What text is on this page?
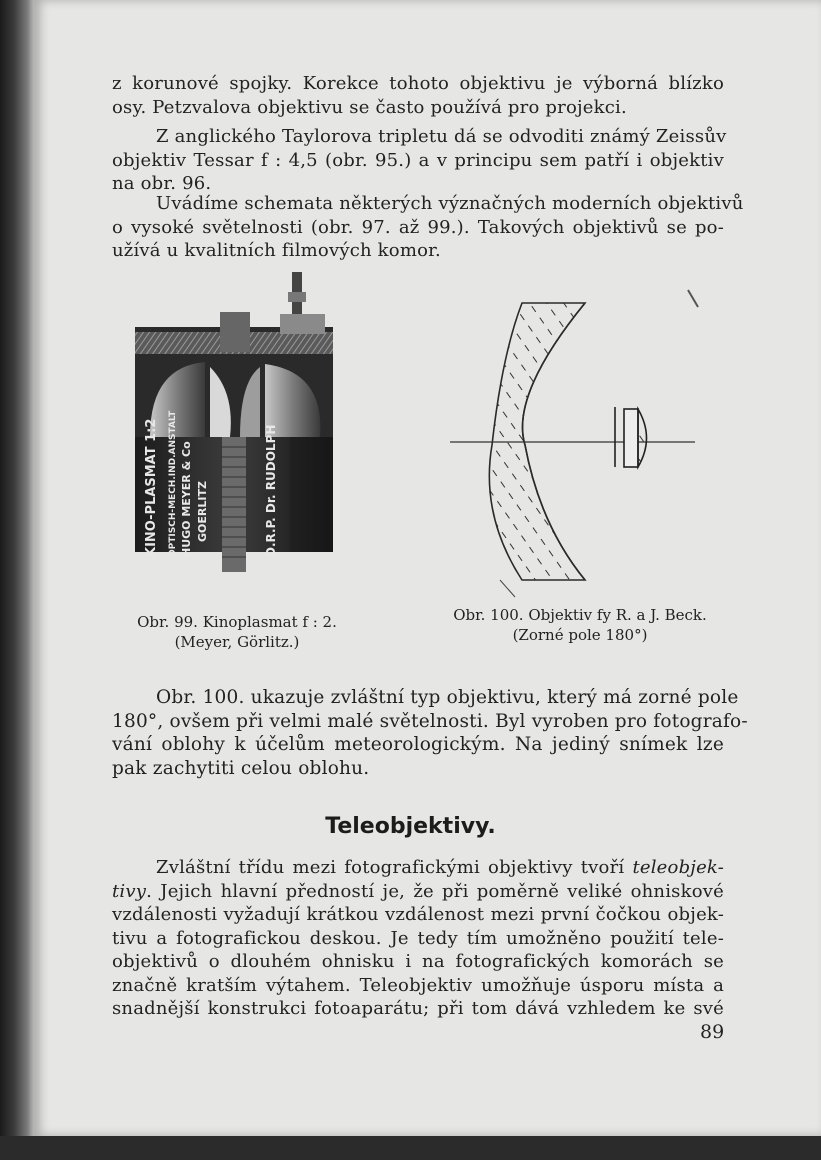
z korunové spojky. Korekce tohoto objektivu je výborná blízko
osy. Petzvalova objektivu se často používá pro projekci.

Z anglického Taylorova tripletu dá se odvoditi známý Zeissův
objektiv Tessar f : 4,5 (obr. 95.) a v principu sem patří i objektiv
na obr. 96.

Uvádíme schemata některých význačných moderních objektivů
o vysoké světelnosti (obr. 97. až 99.). Takových objektivů se po-
užívá u kvalitních filmových komor.

KINO-PLASMAT 1:2 OPTISCH-MECH.IND.ANSTALT HUGO MEYER & Co GOERLITZ	D.R.P. Dr. RUDOLPH
Obr. 99. Kinoplasmat f : 2.
(Meyer, Görlitz.)
Obr. 100. Objektiv fy R. a J. Beck.
(Zorné pole 180°)

Obr. 100. ukazuje zvláštní typ objektivu, který má zorné pole
180°, ovšem při velmi malé světelnosti. Byl vyroben pro fotografo-
vání oblohy k účelům meteorologickým. Na jediný snímek lze
pak zachytiti celou oblohu.

Teleobjektivy.

Zvláštní třídu mezi fotografickými objektivy tvoří teleobjek-
tivy. Jejich hlavní předností je, že při poměrně veliké ohniskové
vzdálenosti vyžadují krátkou vzdálenost mezi první čočkou objek-
tivu a fotografickou deskou. Je tedy tím umožněno použití tele-
objektivů o dlouhém ohnisku i na fotografických komorách se
značně kratším výtahem. Teleobjektiv umožňuje úsporu místa a
snadnější konstrukci fotoaparátu; při tom dává vzhledem ke své

89
